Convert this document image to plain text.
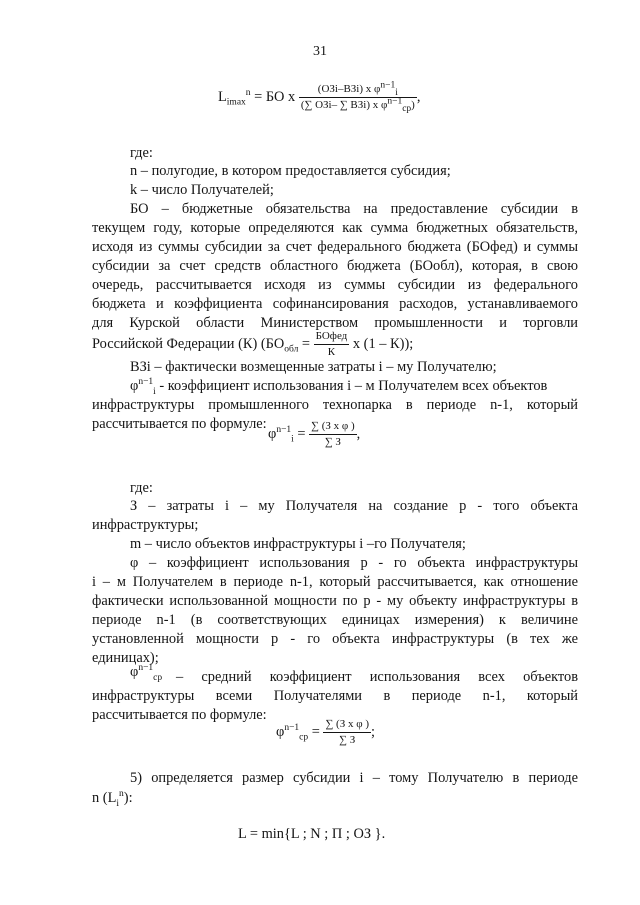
31
$L_{imax}^n$ = БО x $\frac{(ОЗi-ВЗi) x \varphi^{n-1}_i}{(\sum ОЗi- \sum ВЗi) x \varphi^{n-1}_{ср})}$ ,
где:
n – полугодие, в котором предоставляется субсидия;
k – число Получателей;
БО – бюджетные обязательства на предоставление субсидии в
текущем году, которые определяются как сумма бюджетных обязательств,
исходя из суммы субсидии за счет федерального бюджета (БОфед) и суммы
субсидии за счет средств областного бюджета (БОобл), которая, в свою
очередь, рассчитывается исходя из суммы субсидии из федерального
бюджета и коэффициента софинансирования расходов, устанавливаемого
для Курской области Министерством промышленности и торговли
Российской Федерации (К) ($БО_{обл} = \frac{\text{БОфед}}{К}$ x (1 – К));
ВЗi – фактически возмещенные затраты i – му Получателю;
$\varphi^{n-1}_i$ - коэффициент использования i – м Получателем всех объектов
инфраструктуры промышленного технопарка в периоде n-1, который
рассчитывается по формуле:
$\varphi^{n-1}_i = \frac{\text{∑ (З x φ )}}{\sum З}$ ,
где:
З – затраты i – му Получателя на создание р - того объекта
инфраструктуры;
m – число объектов инфраструктуры i –го Получателя;
φ – коэффициент использования р - го объекта инфраструктуры
i – м Получателем в периоде n-1, который рассчитывается, как отношение
фактически использованной мощности по р - му объекту инфраструктуры в
периоде n-1 (в соответствующих единицах измерения) к величине
установленной мощности р - го объекта инфраструктуры (в тех же
единицах);
$\varphi^{n-1}_{ср}$ – средний коэффициент использования всех объектов
инфраструктуры всеми Получателями в периоде n-1, который
рассчитывается по формуле:
$\varphi^{n-1}_{ср} = \frac{\text{∑ (З x φ )}}{\sum З}$ ;
5) определяется размер субсидии i – тому Получателю в периоде
n $(L_i^n)$:
L = min{L ; N ; П ; ОЗ }.
